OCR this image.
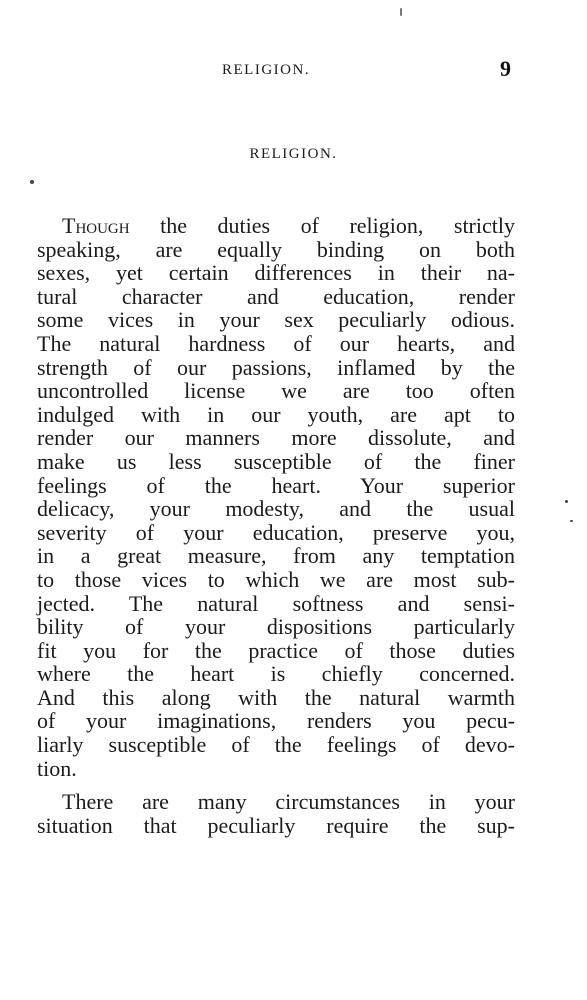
RELIGION.	9
RELIGION.
Though the duties of religion, strictly
speaking, are equally binding on both
sexes, yet certain differences in their na-
tural character and education, render
some vices in your sex peculiarly odious.
The natural hardness of our hearts, and
strength of our passions, inflamed by the
uncontrolled license we are too often
indulged with in our youth, are apt to
render our manners more dissolute, and
make us less susceptible of the finer
feelings of the heart. Your superior
delicacy, your modesty, and the usual
severity of your education, preserve you,
in a great measure, from any temptation
to those vices to which we are most sub-
jected. The natural softness and sensi-
bility of your dispositions particularly
fit you for the practice of those duties
where the heart is chiefly concerned.
And this along with the natural warmth
of your imaginations, renders you pecu-
liarly susceptible of the feelings of devo-
tion.
There are many circumstances in your
situation that peculiarly require the sup-
